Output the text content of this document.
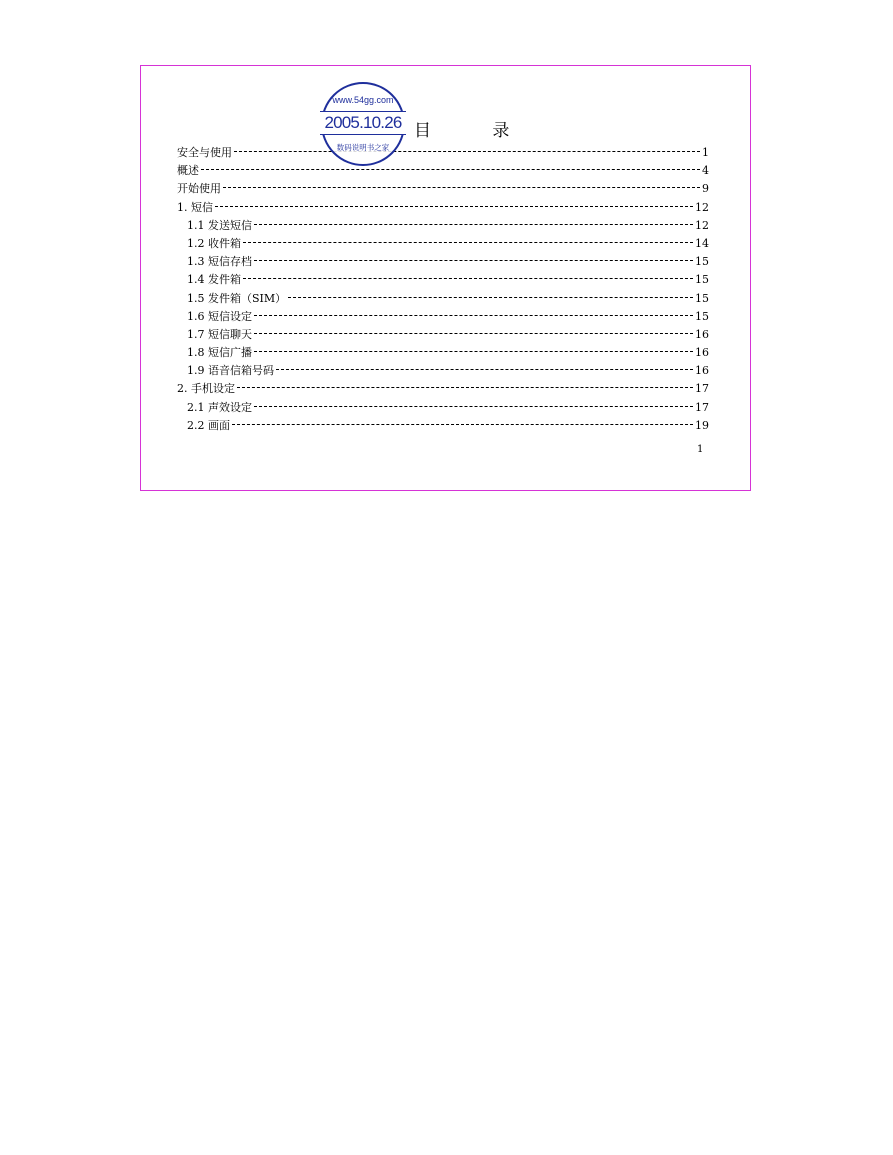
目 录
安全与使用	1
概述	4
开始使用	9
1. 短信	12
1.1 发送短信	12
1.2 收件箱	14
1.3 短信存档	15
1.4 发件箱	15
1.5 发件箱（SIM）	15
1.6 短信设定	15
1.7 短信聊天	16
1.8 短信广播	16
1.9 语音信箱号码	16
2. 手机设定	17
2.1 声效设定	17
2.2 画面	19
1
www.54gg.com
2005.10.26
数码说明书之家
